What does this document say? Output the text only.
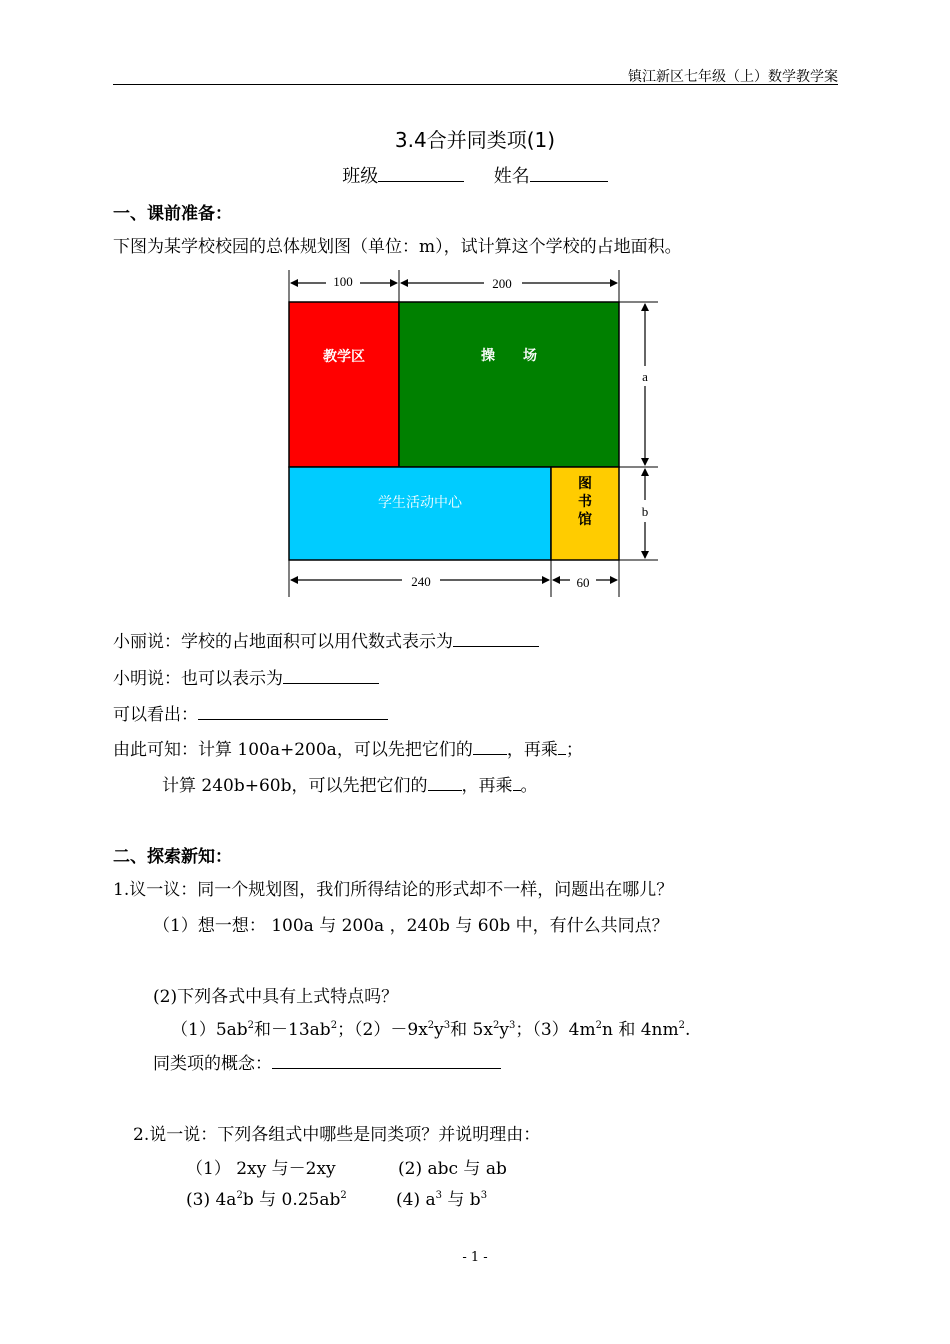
镇江新区七年级（上）数学教学案
3.4合并同类项(1)
班级	姓名
一、课前准备：
下图为某学校校园的总体规划图（单位：m），试计算这个学校的占地面积。
教学区	操　　场
学生活动中心
图
书
馆
100	200
a
b
240	60
小丽说：学校的占地面积可以用代数式表示为
小明说：也可以表示为
可以看出：
由此可知：计算 100a+200a，可以先把它们的 ，再乘 ；
计算 240b+60b，可以先把它们的 ，再乘 。
二、探索新知：
1.议一议：同一个规划图，我们所得结论的形式却不一样，问题出在哪儿？
（1）想一想： 100a 与 200a ，240b 与 60b 中，有什么共同点？
(2)下列各式中具有上式特点吗？
$(1)5ab^2$和$-13ab^2$；$(2)-9x^2y^3$和 $5x^2y^3$；$(3)4m^2n$ 和 $4nm^2$.
同类项的概念：
2.说一说：下列各组式中哪些是同类项？并说明理由：
（1） 2xy 与－2xy	(2) abc 与 ab
(3) $4a^2b$ 与 $0.25ab^2$	(4) $a^3$ 与 $b^3$
- 1 -
